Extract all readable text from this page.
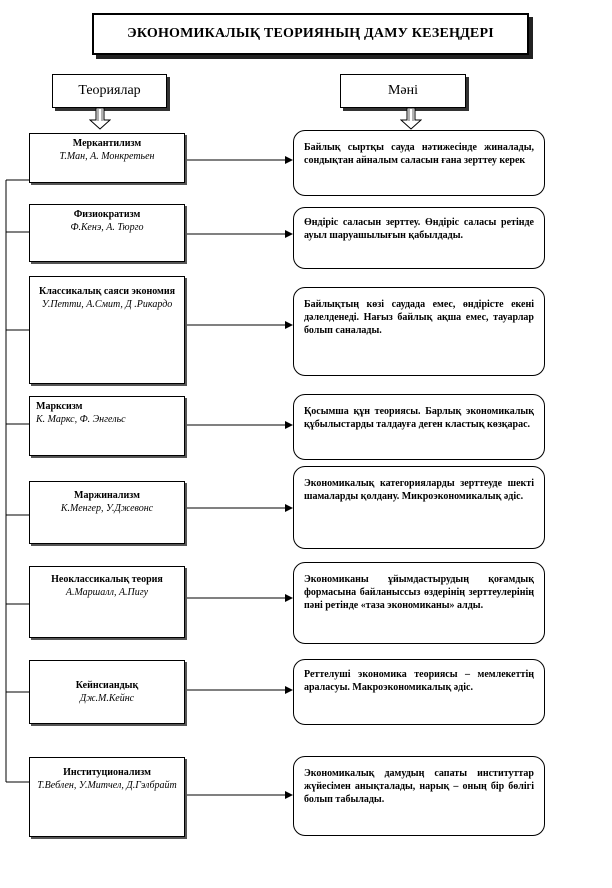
ЭКОНОМИКАЛЫҚ ТЕОРИЯНЫҢ ДАМУ КЕЗЕҢДЕРІ
Теориялар	Мәні
Меркантилизм
Т.Ман, А. Монкретьен
Физиократизм
Ф.Кенэ, А. Тюрго
Классикалық саяси экономия
У.Петти, А.Смит, Д .Рикардо
Марксизм
К. Маркс, Ф. Энгельс
Маржинализм
К.Менгер, У.Джевонс
Неоклассикалық теория
А.Маршалл, А.Пигу
Кейнсиандық
Дж.М.Кейнс
Институционализм
Т.Веблен, У.Митчел, Д.Гэлбрайт
Байлық сыртқы сауда нәтижесінде жиналады, сондықтан айналым саласын ғана зерттеу керек
Өндіріс саласын зерттеу. Өндіріс саласы ретінде ауыл шаруашылығын қабылдады.
Байлықтың көзі саудада емес, өндірісте екені дәлелденеді. Нағыз байлық ақша емес, тауарлар болып саналады.
Қосымша құн теориясы. Барлық экономикалық құбылыстарды талдауға деген кластық көзқарас.
Экономикалық категорияларды зерттеуде шекті шамаларды қолдану. Микроэкономикалық әдіс.
Экономиканы ұйымдастырудың қоғамдық формасына байланыссыз өздерінің зерттеулерінің пәні ретінде «таза экономиканы» алды.
Реттелуші экономика теориясы – мемлекеттің араласуы. Макроэкономикалық әдіс.
Экономикалық дамудың сапаты институттар жүйесімен анықталады, нарық – оның бір бөлігі болып табылады.
